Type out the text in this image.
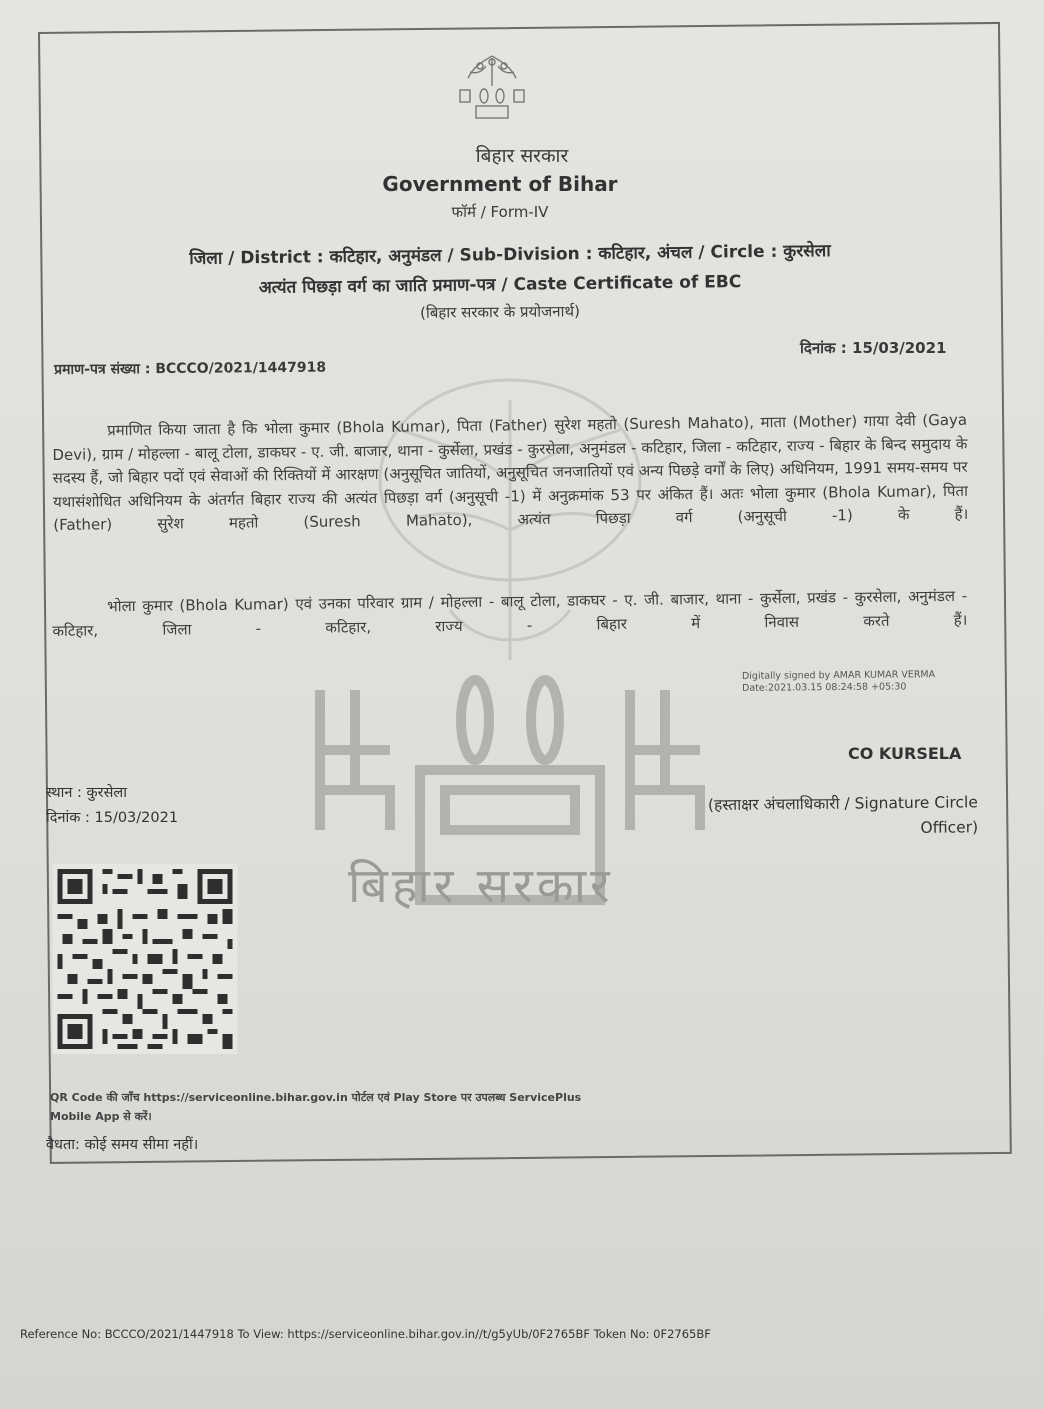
बिहार सरकार
बिहार सरकार
Government of Bihar
फॉर्म / Form-IV
जिला / District : कटिहार, अनुमंडल / Sub-Division : कटिहार, अंचल / Circle : कुरसेला
अत्यंत पिछड़ा वर्ग का जाति प्रमाण-पत्र / Caste Certificate of EBC
(बिहार सरकार के प्रयोजनार्थ)
दिनांक : 15/03/2021
प्रमाण-पत्र संख्या : BCCCO/2021/1447918
प्रमाणित किया जाता है कि भोला कुमार (Bhola Kumar), पिता (Father) सुरेश महतो (Suresh Mahato), माता (Mother) गाया देवी (Gaya Devi), ग्राम / मोहल्ला - बालू टोला, डाकघर - ए. जी. बाजार, थाना - कुर्सेला, प्रखंड - कुरसेला, अनुमंडल - कटिहार, जिला - कटिहार, राज्य - बिहार के बिन्द समुदाय के सदस्य हैं, जो बिहार पदों एवं सेवाओं की रिक्तियों में आरक्षण (अनुसूचित जातियों, अनुसूचित जनजातियों एवं अन्य पिछड़े वर्गों के लिए) अधिनियम, 1991 समय-समय पर यथासंशोधित अधिनियम के अंतर्गत बिहार राज्य की अत्यंत पिछड़ा वर्ग (अनुसूची -1) में अनुक्रमांक 53 पर अंकित हैं। अतः भोला कुमार (Bhola Kumar), पिता (Father) सुरेश महतो (Suresh Mahato), अत्यंत पिछड़ा वर्ग (अनुसूची -1) के हैं।
भोला कुमार (Bhola Kumar) एवं उनका परिवार ग्राम / मोहल्ला - बालू टोला, डाकघर - ए. जी. बाजार, थाना - कुर्सेला, प्रखंड - कुरसेला, अनुमंडल - कटिहार, जिला - कटिहार, राज्य - बिहार में निवास करते हैं।
Digitally signed by AMAR KUMAR VERMA
Date:2021.03.15 08:24:58 +05:30
CO KURSELA
(हस्ताक्षर अंचलाधिकारी / Signature Circle Officer)
स्थान : कुरसेला
दिनांक : 15/03/2021
QR Code की जाँच https://serviceonline.bihar.gov.in पोर्टल एवं Play Store पर उपलब्ध ServicePlus
Mobile App से करें।
वैधता: कोई समय सीमा नहीं।
Reference No: BCCCO/2021/1447918 To View: https://serviceonline.bihar.gov.in//t/g5yUb/0F2765BF Token No: 0F2765BF
